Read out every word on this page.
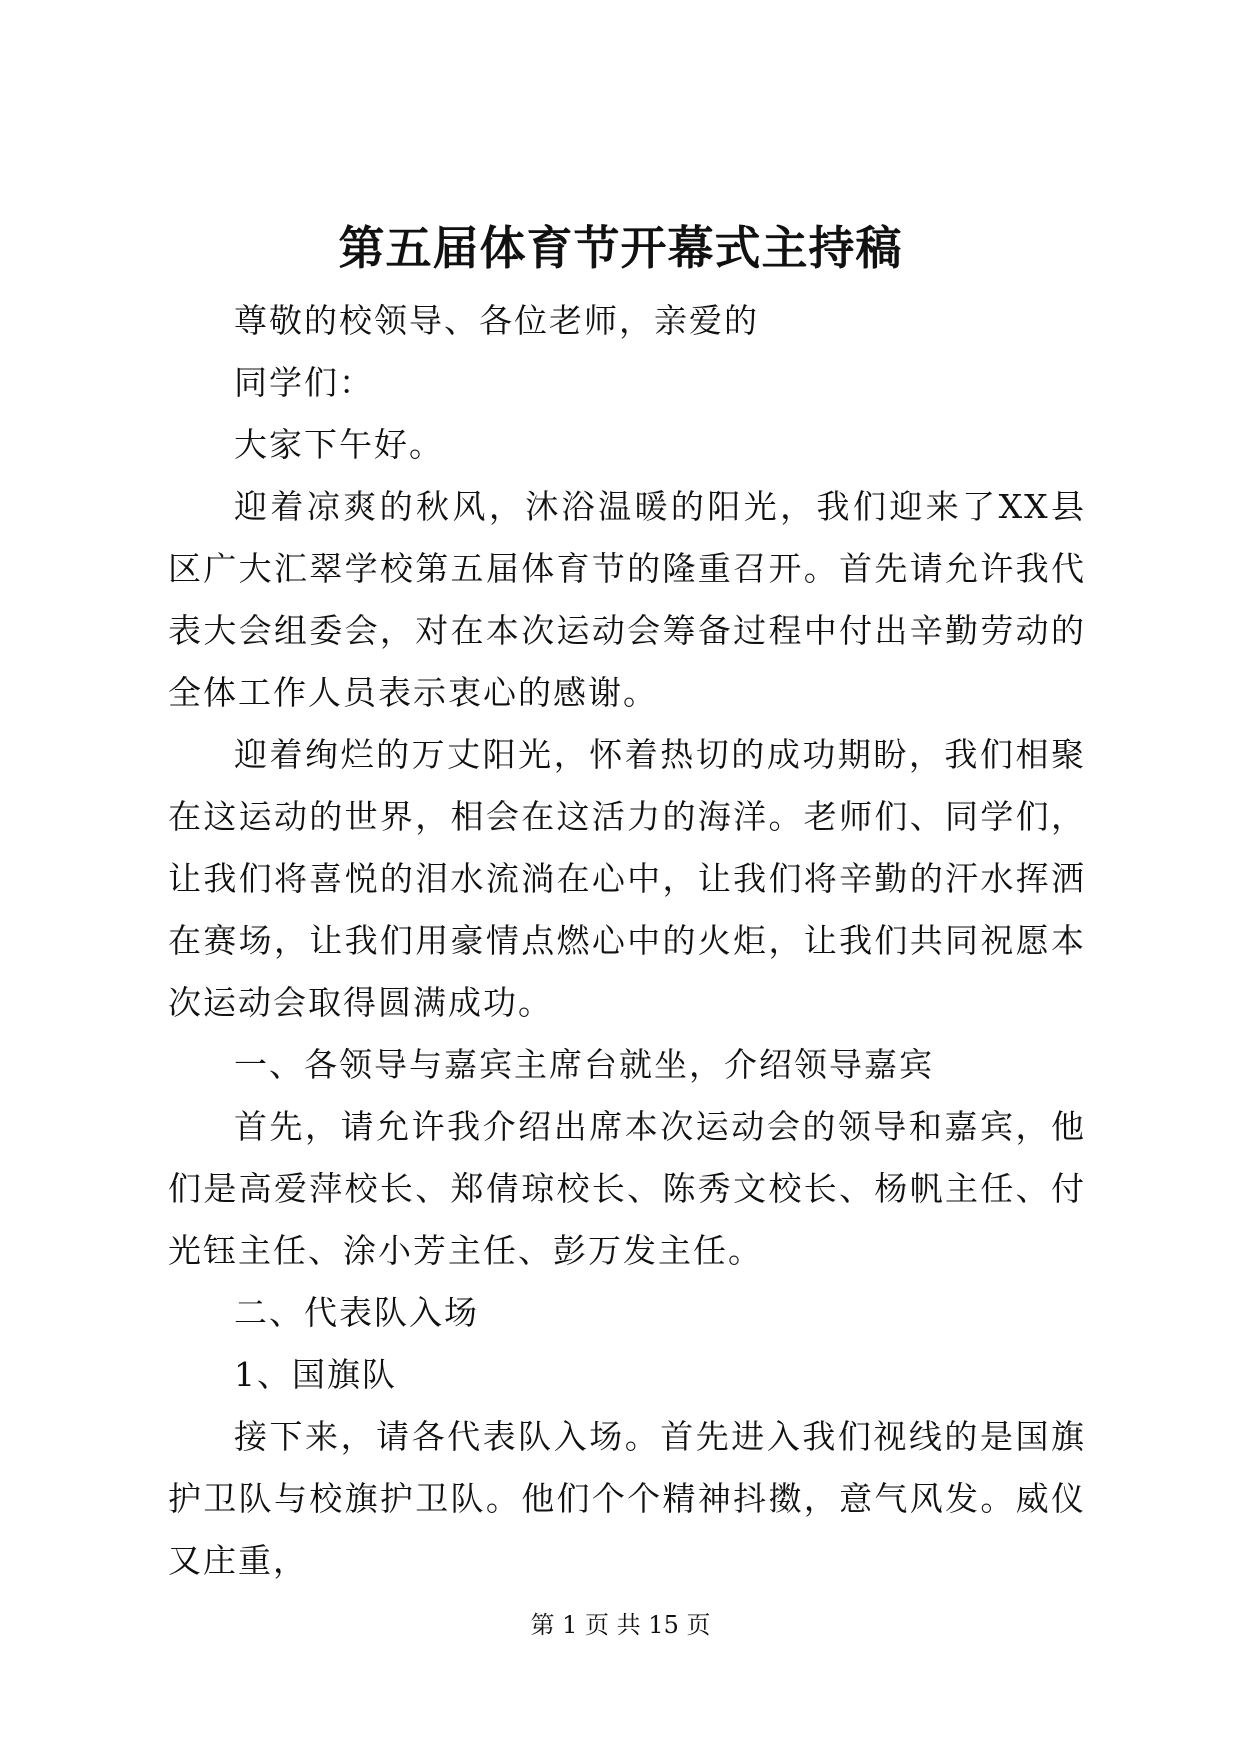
第五届体育节开幕式主持稿

尊敬的校领导、各位老师，亲爱的

同学们：

大家下午好。

迎着凉爽的秋风，沐浴温暖的阳光，我们迎来了XX县区广大汇翠学校第五届体育节的隆重召开。首先请允许我代表大会组委会，对在本次运动会筹备过程中付出辛勤劳动的全体工作人员表示衷心的感谢。

迎着绚烂的万丈阳光，怀着热切的成功期盼，我们相聚在这运动的世界，相会在这活力的海洋。老师们、同学们，让我们将喜悦的泪水流淌在心中，让我们将辛勤的汗水挥洒在赛场，让我们用豪情点燃心中的火炬，让我们共同祝愿本次运动会取得圆满成功。

一、各领导与嘉宾主席台就坐，介绍领导嘉宾

首先，请允许我介绍出席本次运动会的领导和嘉宾，他们是高爱萍校长、郑倩琼校长、陈秀文校长、杨帆主任、付光钰主任、涂小芳主任、彭万发主任。

二、代表队入场

1、国旗队

接下来，请各代表队入场。首先进入我们视线的是国旗护卫队与校旗护卫队。他们个个精神抖擞，意气风发。威仪又庄重，

第 1 页 共 15 页
